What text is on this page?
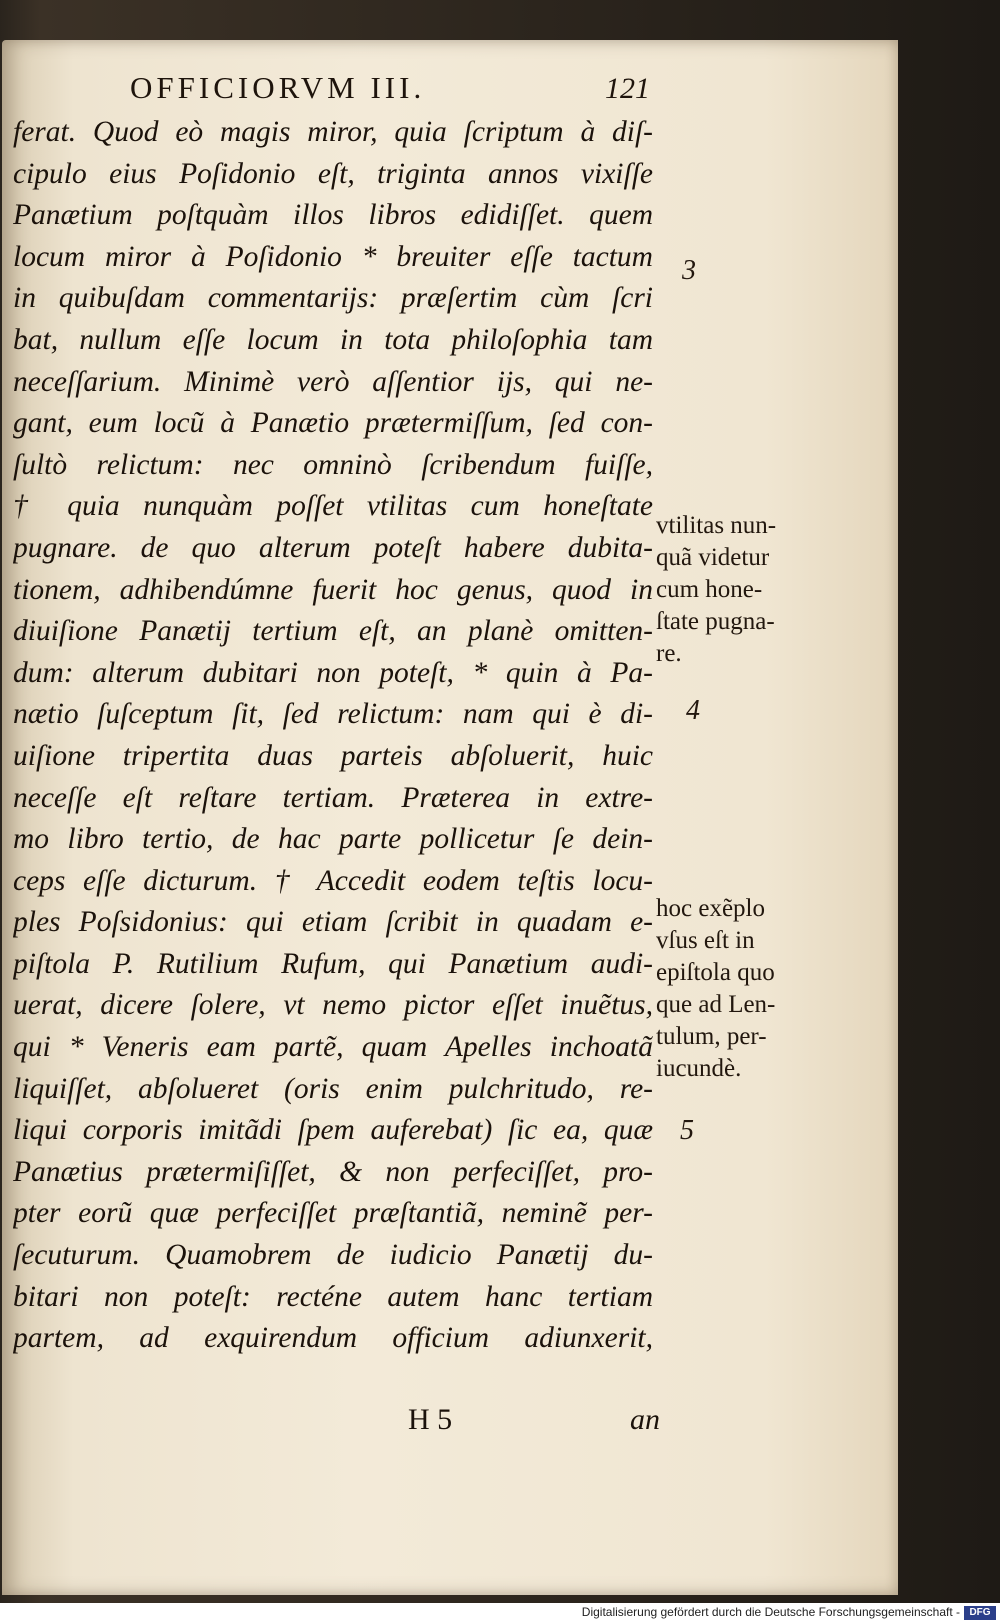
OFFICIORVM III.	121
ferat. Quod eò magis miror, quia ſcriptum à diſ-
cipulo eius Poſidonio eſt, triginta annos vixiſſe
Panætium poſtquàm illos libros edidiſſet. quem
locum miror à Poſidonio * breuiter eſſe tactum
in quibuſdam commentarijs: præſertim cùm ſcri
bat, nullum eſſe locum in tota philoſophia tam
neceſſarium. Minimè verò aſſentior ijs, qui ne-
gant, eum locũ à Panætio prætermiſſum, ſed con-
ſultò relictum: nec omninò ſcribendum fuiſſe,
† quia nunquàm poſſet vtilitas cum honeſtate
pugnare. de quo alterum poteſt habere dubita-
tionem, adhibendúmne fuerit hoc genus, quod in
diuiſione Panætij tertium eſt, an planè omitten-
dum: alterum dubitari non poteſt, * quin à Pa-
nætio ſuſceptum ſit, ſed relictum: nam qui è di-
uiſione tripertita duas parteis abſoluerit, huic
neceſſe eſt reſtare tertiam. Præterea in extre-
mo libro tertio, de hac parte pollicetur ſe dein-
ceps eſſe dicturum. † Accedit eodem teſtis locu-
ples Poſsidonius: qui etiam ſcribit in quadam e-
piſtola P. Rutilium Rufum, qui Panætium audi-
uerat, dicere ſolere, vt nemo pictor eſſet inuẽtus,
qui * Veneris eam partẽ, quam Apelles inchoatã
liquiſſet, abſolueret (oris enim pulchritudo, re-
liqui corporis imitãdi ſpem auferebat) ſic ea, quæ
Panætius prætermiſiſſet, & non perfeciſſet, pro-
pter eorũ quæ perfeciſſet præſtantiã, neminẽ per-
ſecuturum. Quamobrem de iudicio Panætij du-
bitari non poteſt: recténe autem hanc tertiam
partem, ad exquirendum officium adiunxerit,
H 5	an
3
4
5
vtilitas nun-
quã videtur
cum hone-
ſtate pugna-
re.
hoc exẽplo
vſus eſt in
epiſtola quo
que ad Len-
tulum, per-
iucundè.
Digitalisierung gefördert durch die Deutsche Forschungsgemeinschaft - DFG
